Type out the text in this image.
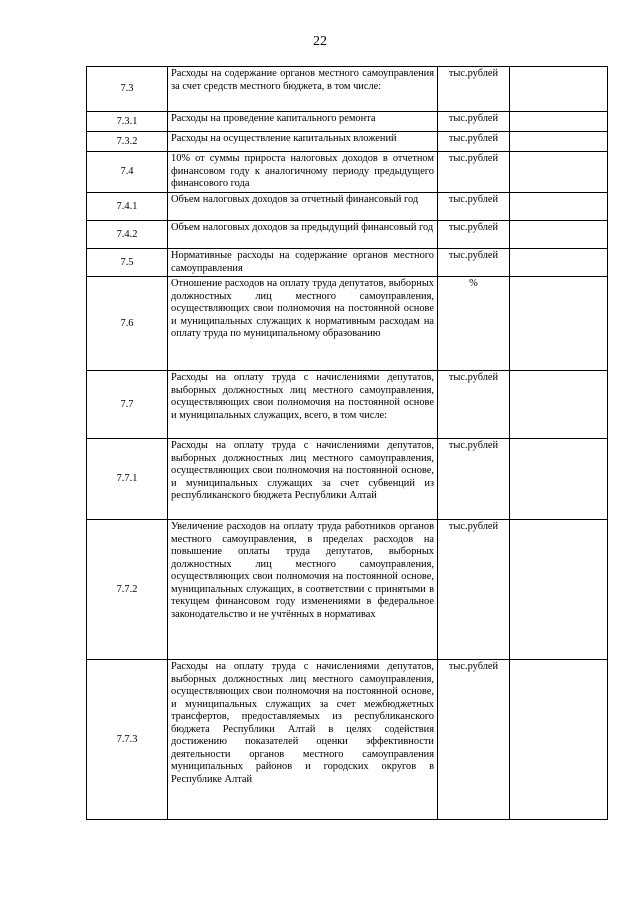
22
7.3	Расходы на содержание органов местного самоуправления за счет средств местного бюджета, в том числе:	тыс.рублей	
7.3.1	Расходы на проведение капитального ремонта	тыс.рублей	
7.3.2	Расходы на осуществление капитальных вложений	тыс.рублей	
7.4	10% от суммы прироста налоговых доходов в отчетном финансовом году к аналогичному периоду предыдущего финансового года	тыс.рублей	
7.4.1	Объем налоговых доходов за отчетный финансовый год	тыс.рублей	
7.4.2	Объем налоговых доходов за предыдущий финансовый год	тыс.рублей	
7.5	Нормативные расходы на содержание органов местного самоуправления	тыс.рублей	
7.6	Отношение расходов на оплату труда депутатов, выборных должностных лиц местного самоуправления, осуществляющих свои полномочия на постоянной основе и муниципальных служащих к нормативным расходам на оплату труда по муниципальному образованию	%	
7.7	Расходы на оплату труда с начислениями депутатов, выборных должностных лиц местного самоуправления, осуществляющих свои полномочия на постоянной основе и муниципальных служащих, всего, в том числе:	тыс.рублей	
7.7.1	Расходы на оплату труда с начислениями депутатов, выборных должностных лиц местного самоуправления, осуществляющих свои полномочия на постоянной основе, и муниципальных служащих за счет субвенций из республиканского бюджета Республики Алтай	тыс.рублей	
7.7.2	Увеличение расходов на оплату труда работников органов местного самоуправления, в пределах расходов на повышение оплаты труда депутатов, выборных должностных лиц местного самоуправления, осуществляющих свои полномочия на постоянной основе, муниципальных служащих, в соответствии с принятыми в текущем финансовом году изменениями в федеральное законодательство и не учтённых в нормативах	тыс.рублей	
7.7.3	Расходы на оплату труда с начислениями депутатов, выборных должностных лиц местного самоуправления, осуществляющих свои полномочия на постоянной основе, и муниципальных служащих за счет межбюджетных трансфертов, предоставляемых из республиканского бюджета Республики Алтай в целях содействия достижению показателей оценки эффективности деятельности органов местного самоуправления муниципальных районов и городских округов в Республике Алтай	тыс.рублей	
